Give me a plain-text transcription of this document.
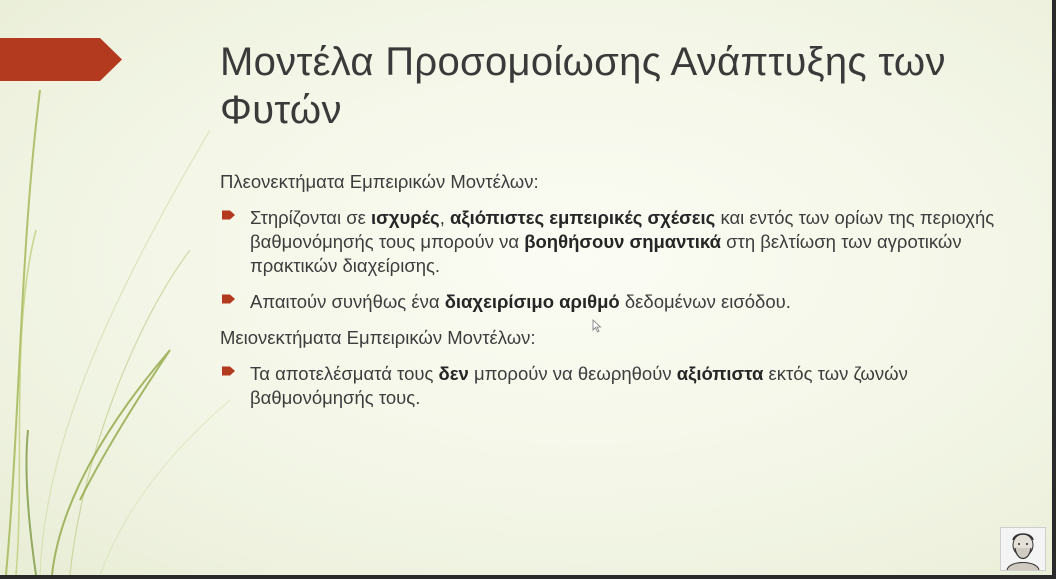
Μοντέλα Προσομοίωσης Ανάπτυξης των Φυτών

Πλεονεκτήματα Εμπειρικών Μοντέλων:

Στηρίζονται σε ισχυρές, αξιόπιστες εμπειρικές σχέσεις και εντός των ορίων της περιοχής βαθμονόμησής τους μπορούν να βοηθήσουν σημαντικά στη βελτίωση των αγροτικών πρακτικών διαχείρισης.
Απαιτούν συνήθως ένα διαχειρίσιμο αριθμό δεδομένων εισόδου.

Μειονεκτήματα Εμπειρικών Μοντέλων:

Τα αποτελέσματά τους δεν μπορούν να θεωρηθούν αξιόπιστα εκτός των ζωνών βαθμονόμησής τους.
